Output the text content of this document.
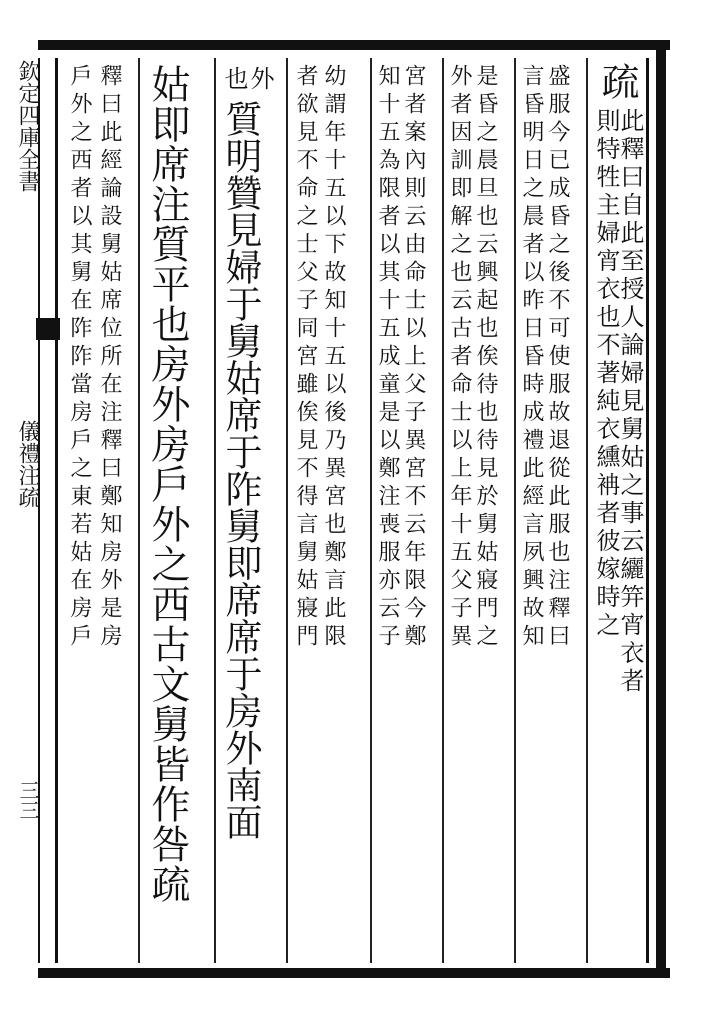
欽定四庫全書
儀禮注疏
三三
疏
此釋曰自此至授人論婦見舅姑之事云纚笄宵衣者
則特牲主婦宵衣也不著純衣纁袡者彼嫁時之
盛服今已成昏之後不可使服故退從此服也注釋曰
言昏明日之晨者以昨日昏時成禮此經言夙興故知
是昏之晨旦也云興起也俟待也待見於舅姑寢門之
外者因訓即解之也云古者命士以上年十五父子異
宮者案內則云由命士以上父子異宮不云年限今鄭
知十五為限者以其十五成童是以鄭注喪服亦云子
幼謂年十五以下故知十五以後乃異宮也鄭言此限
者欲見不命之士父子同宮雖俟見不得言舅姑寢門
外
也
質明贊見婦于舅姑席于阼舅即席席于房外南面
姑即席注質平也房外房戶外之西古文舅皆作咎疏
釋曰此經論設舅姑席位所在注釋曰鄭知房外是房
戶外之西者以其舅在阼阼當房戶之東若姑在房戶
